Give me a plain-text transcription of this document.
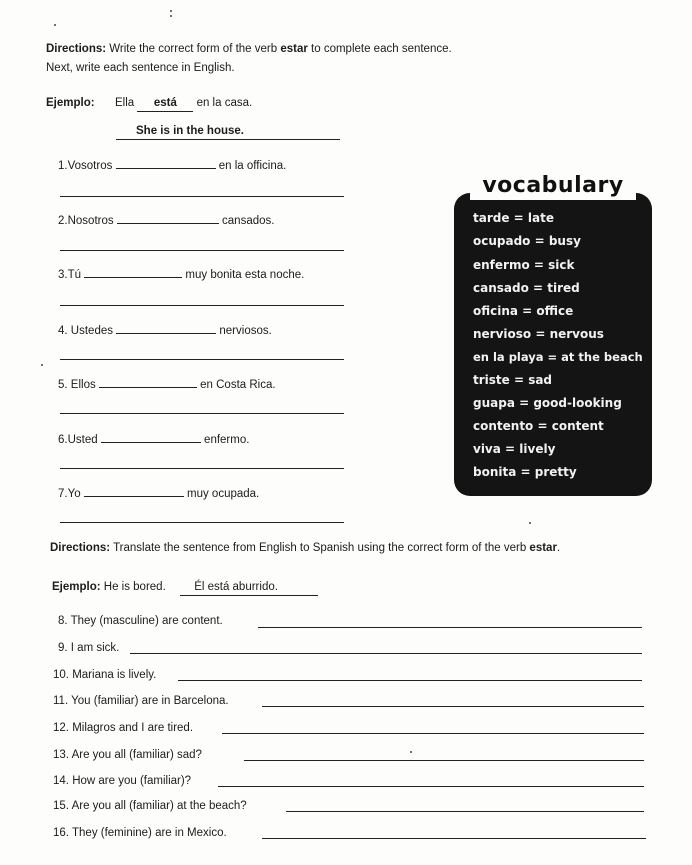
Directions: Write the correct form of the verb estar to complete each sentence.
Next, write each sentence in English.
Ejemplo: Ella está en la casa.
She is in the house.
1.Vosotros	en la officina.
2.Nosotros	cansados.
3.Tú	muy bonita esta noche.
4. Ustedes	nerviosos.
5. Ellos	en Costa Rica.
6.Usted	enfermo.
7.Yo	muy ocupada.
vocabulary
tarde = late
ocupado = busy
enfermo = sick
cansado = tired
oficina = office
nervioso = nervous
en la playa = at the beach
triste = sad
guapa = good-looking
contento = content
viva = lively
bonita = pretty
Directions: Translate the sentence from English to Spanish using the correct form of the verb estar.
Ejemplo: He is bored. Él está aburrido.
8. They (masculine) are content.
9. I am sick.
10. Mariana is lively.
11. You (familiar) are in Barcelona.
12. Milagros and I are tired.
13. Are you all (familiar) sad?
14. How are you (familiar)?
15. Are you all (familiar) at the beach?
16. They (feminine) are in Mexico.
